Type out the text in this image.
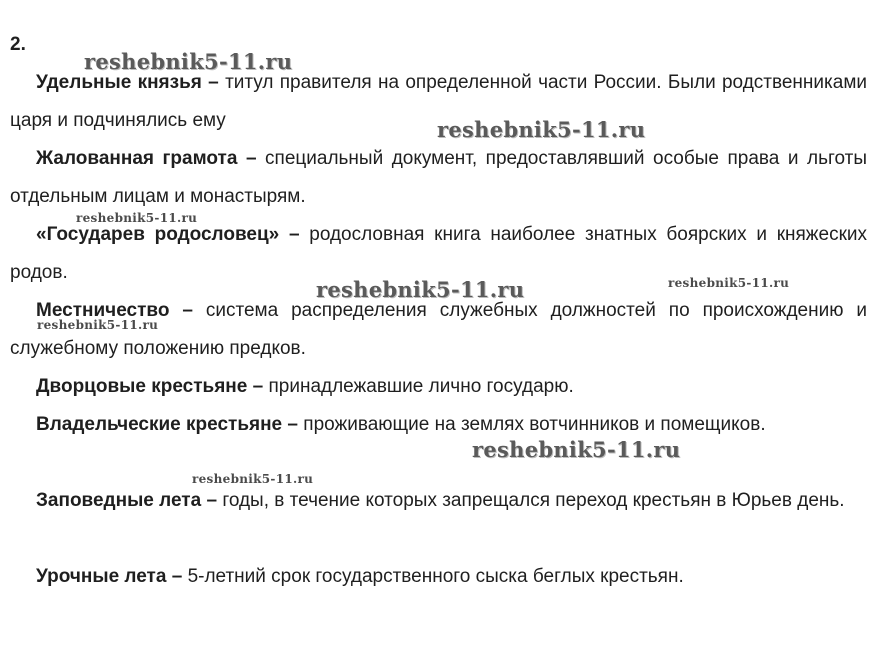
2.

Удельные князья – титул правителя на определенной части России. Были родственниками царя и подчинялись ему

Жалованная грамота – специальный документ, предоставлявший особые права и льготы отдельным лицам и монастырям.

«Государев родословец» – родословная книга наиболее знатных боярских и княжеских родов.

Местничество – система распределения служебных должностей по происхождению и служебному положению предков.

Дворцовые крестьяне – принадлежавшие лично государю.

Владельческие крестьяне – проживающие на землях вотчинников и помещиков.

Заповедные лета – годы, в течение которых запрещался переход крестьян в Юрьев день.

Урочные лета – 5-летний срок государственного сыска беглых крестьян.

reshebnik5-11.ru
reshebnik5-11.ru
reshebnik5-11.ru
reshebnik5-11.ru	reshebnik5-11.ru
reshebnik5-11.ru
reshebnik5-11.ru
reshebnik5-11.ru
